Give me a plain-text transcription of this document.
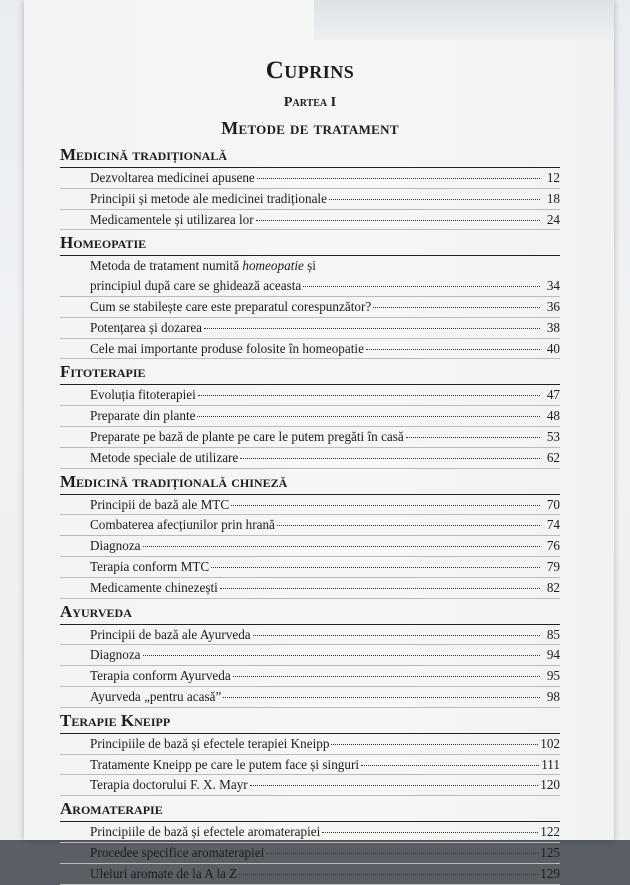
Cuprins
Partea I
Metode de tratament
Medicină tradițională
Dezvoltarea medicinei apusene	12
Principii și metode ale medicinei tradiționale	18
Medicamentele și utilizarea lor	24
Homeopatie
Metoda de tratament numită homeopatie și
principiul după care se ghidează aceasta	34
Cum se stabilește care este preparatul corespunzător?	36
Potențarea și dozarea	38
Cele mai importante produse folosite în homeopatie	40
Fitoterapie
Evoluția fitoterapiei	47
Preparate din plante	48
Preparate pe bază de plante pe care le putem pregăti în casă	53
Metode speciale de utilizare	62
Medicină tradițională chineză
Principii de bază ale MTC	70
Combaterea afecțiunilor prin hrană	74
Diagnoza	76
Terapia conform MTC	79
Medicamente chinezești	82
Ayurveda
Principii de bază ale Ayurveda	85
Diagnoza	94
Terapia conform Ayurveda	95
Ayurveda „pentru acasă”	98
Terapie Kneipp
Principiile de bază și efectele terapiei Kneipp	102
Tratamente Kneipp pe care le putem face și singuri	111
Terapia doctorului F. X. Mayr	120
Aromaterapie
Principiile de bază și efectele aromaterapiei	122
Procedee specifice aromaterapiei	125
Uleiuri aromate de la A la Z	129
